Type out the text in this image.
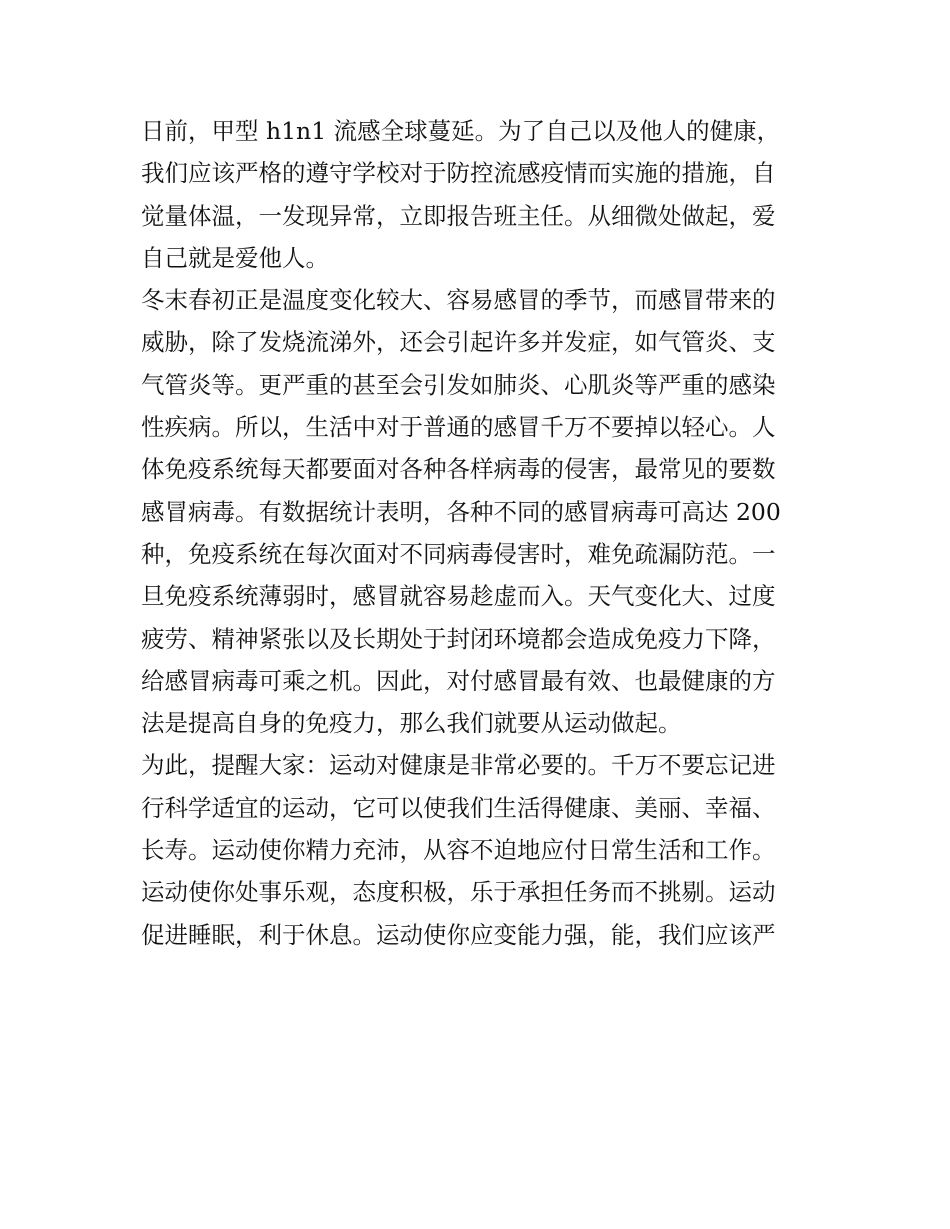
日前，甲型 h1n1 流感全球蔓延。为了自己以及他人的健康，
我们应该严格的遵守学校对于防控流感疫情而实施的措施，自
觉量体温，一发现异常，立即报告班主任。从细微处做起，爱
自己就是爱他人。
冬末春初正是温度变化较大、容易感冒的季节，而感冒带来的
威胁，除了发烧流涕外，还会引起许多并发症，如气管炎、支
气管炎等。更严重的甚至会引发如肺炎、心肌炎等严重的感染
性疾病。所以，生活中对于普通的感冒千万不要掉以轻心。人
体免疫系统每天都要面对各种各样病毒的侵害，最常见的要数
感冒病毒。有数据统计表明，各种不同的感冒病毒可高达 200
种，免疫系统在每次面对不同病毒侵害时，难免疏漏防范。一
旦免疫系统薄弱时，感冒就容易趁虚而入。天气变化大、过度
疲劳、精神紧张以及长期处于封闭环境都会造成免疫力下降，
给感冒病毒可乘之机。因此，对付感冒最有效、也最健康的方
法是提高自身的免疫力，那么我们就要从运动做起。
为此，提醒大家：运动对健康是非常必要的。千万不要忘记进
行科学适宜的运动，它可以使我们生活得健康、美丽、幸福、
长寿。运动使你精力充沛，从容不迫地应付日常生活和工作。
运动使你处事乐观，态度积极，乐于承担任务而不挑剔。运动
促进睡眠，利于休息。运动使你应变能力强，能，我们应该严
